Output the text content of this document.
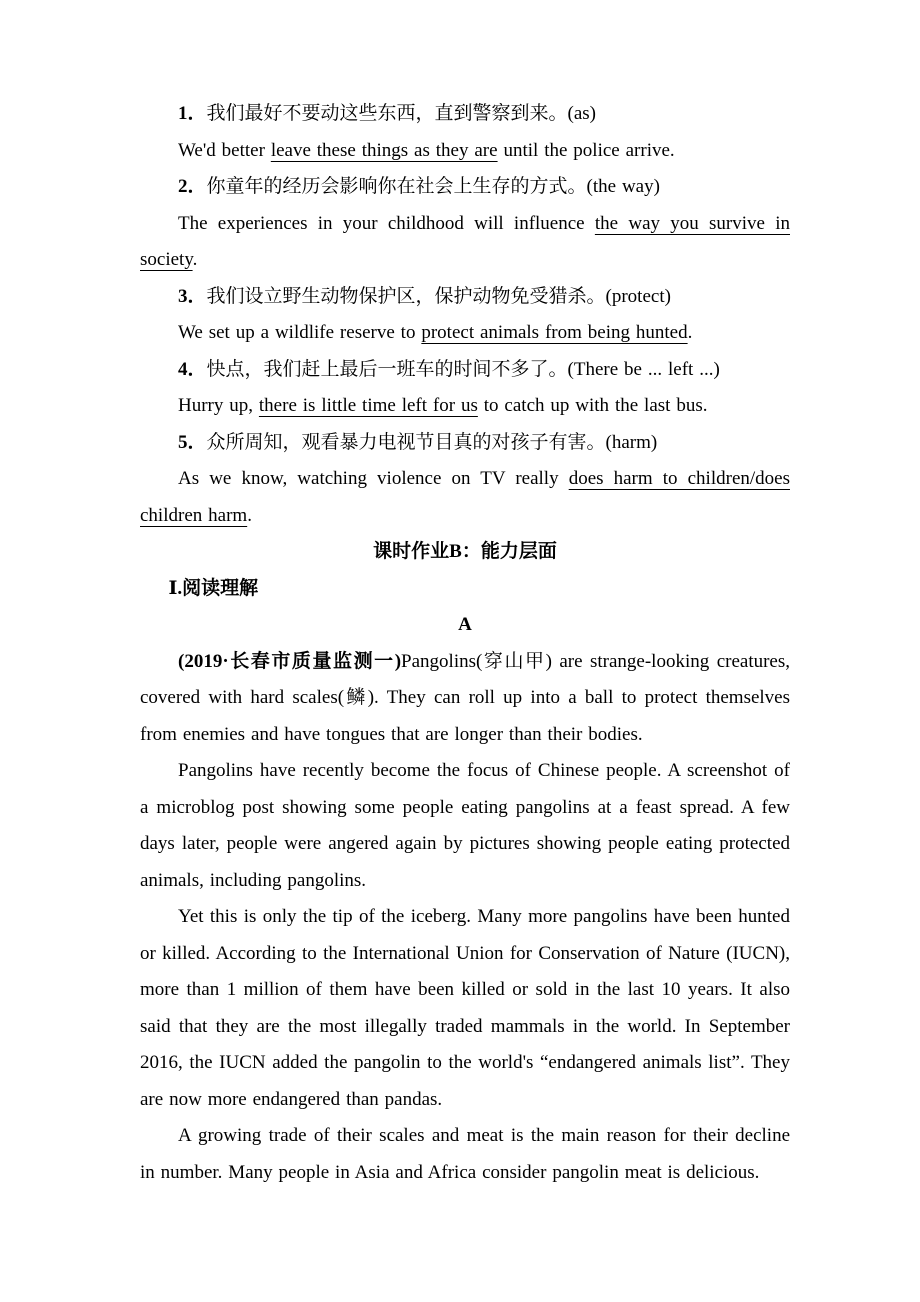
1．我们最好不要动这些东西，直到警察到来。(as)

We'd better leave these things as they are until the police arrive.

2．你童年的经历会影响你在社会上生存的方式。(the way)

The experiences in your childhood will influence the way you survive in society.

3．我们设立野生动物保护区，保护动物免受猎杀。(protect)

We set up a wildlife reserve to protect animals from being hunted.

4．快点，我们赶上最后一班车的时间不多了。(There be ... left ...)

Hurry up, there is little time left for us to catch up with the last bus.

5．众所周知，观看暴力电视节目真的对孩子有害。(harm)

As we know, watching violence on TV really does harm to children/does children harm.

课时作业B：能力层面

Ⅰ.阅读理解

A

(2019·长春市质量监测一)Pangolins(穿山甲) are strange-looking creatures, covered with hard scales(鳞). They can roll up into a ball to protect themselves from enemies and have tongues that are longer than their bodies.

Pangolins have recently become the focus of Chinese people. A screenshot of a microblog post showing some people eating pangolins at a feast spread. A few days later, people were angered again by pictures showing people eating protected animals, including pangolins.

Yet this is only the tip of the iceberg. Many more pangolins have been hunted or killed. According to the International Union for Conservation of Nature (IUCN), more than 1 million of them have been killed or sold in the last 10 years. It also said that they are the most illegally traded mammals in the world. In September 2016, the IUCN added the pangolin to the world's “endangered animals list”. They are now more endangered than pandas.

A growing trade of their scales and meat is the main reason for their decline in number. Many people in Asia and Africa consider pangolin meat is delicious.
